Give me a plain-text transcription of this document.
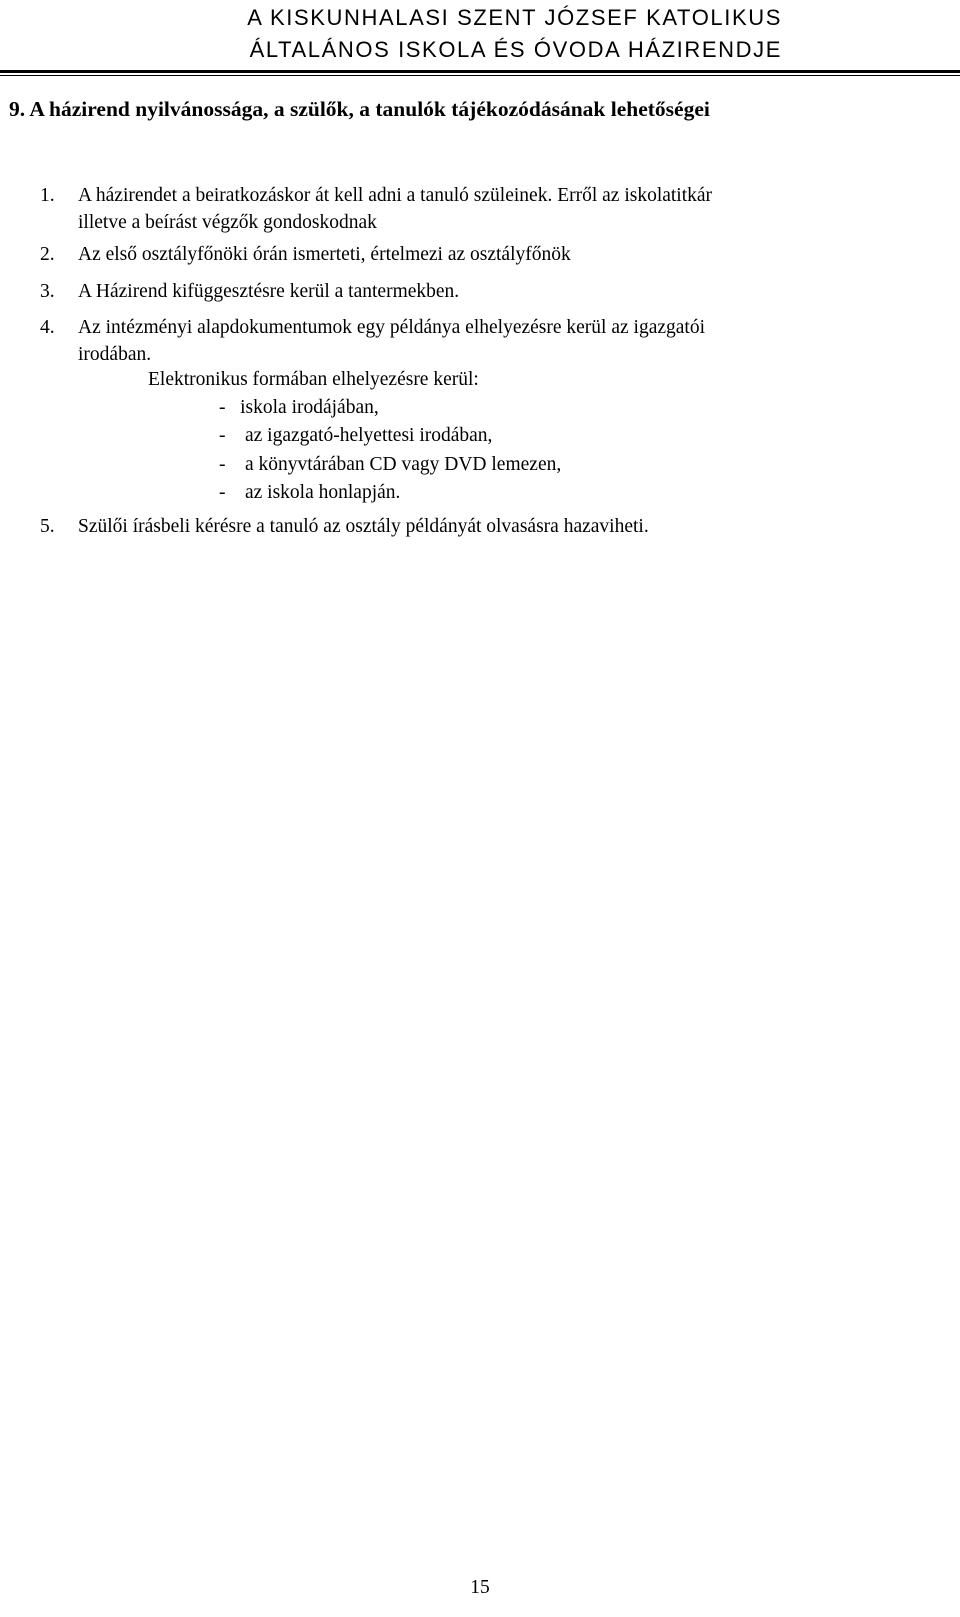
A KISKUNHALASI SZENT JÓZSEF KATOLIKUS
ÁLTALÁNOS ISKOLA ÉS ÓVODA HÁZIRENDJE
9. A házirend nyilvánossága, a szülők, a tanulók tájékozódásának lehetőségei
1. A házirendet a beiratkozáskor át kell adni a tanuló szüleinek. Erről az iskolatitkár
illetve a beírást végzők gondoskodnak
2. Az első osztályfőnöki órán ismerteti, értelmezi az osztályfőnök
3. A Házirend kifüggesztésre kerül a tantermekben.
4. Az intézményi alapdokumentumok egy példánya elhelyezésre kerül az igazgatói
irodában.
Elektronikus formában elhelyezésre kerül:
-   iskola irodájában,
-    az igazgató-helyettesi irodában,
-    a könyvtárában CD vagy DVD lemezen,
-    az iskola honlapján.
5. Szülői írásbeli kérésre a tanuló az osztály példányát olvasásra hazaviheti.
15
